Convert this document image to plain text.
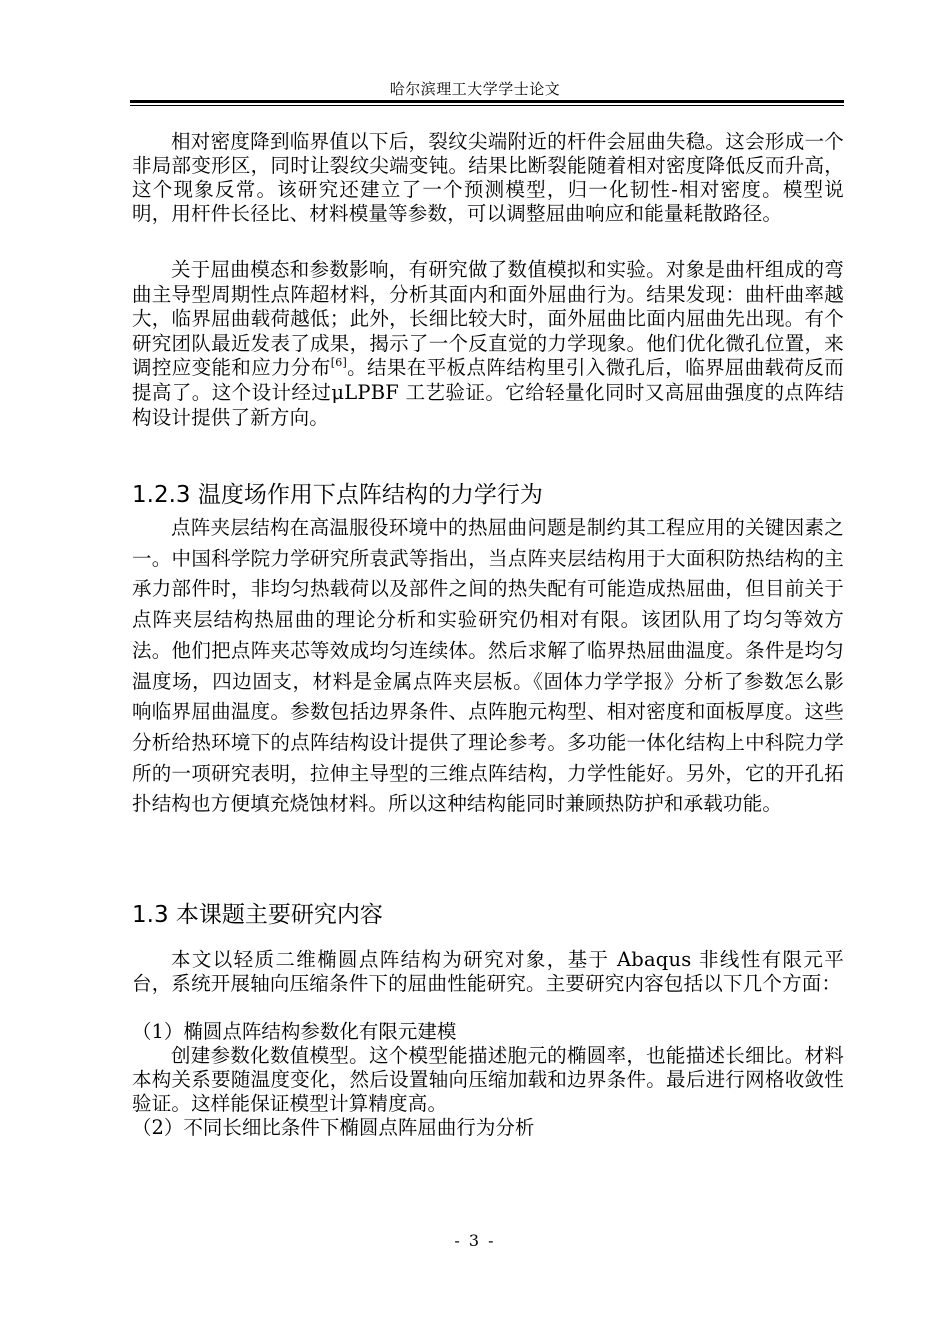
哈尔滨理工大学学士论文

相对密度降到临界值以下后，裂纹尖端附近的杆件会屈曲失稳。这会形成一个非局部变形区，同时让裂纹尖端变钝。结果比断裂能随着相对密度降低反而升高，这个现象反常。该研究还建立了一个预测模型，归一化韧性-相对密度。模型说明，用杆件长径比、材料模量等参数，可以调整屈曲响应和能量耗散路径。

关于屈曲模态和参数影响，有研究做了数值模拟和实验。对象是曲杆组成的弯曲主导型周期性点阵超材料，分析其面内和面外屈曲行为。结果发现：曲杆曲率越大，临界屈曲载荷越低；此外，长细比较大时，面外屈曲比面内屈曲先出现。有个研究团队最近发表了成果，揭示了一个反直觉的力学现象。他们优化微孔位置，来调控应变能和应力分布[6]。结果在平板点阵结构里引入微孔后，临界屈曲载荷反而提高了。这个设计经过μLPBF 工艺验证。它给轻量化同时又高屈曲强度的点阵结构设计提供了新方向。

1.2.3 温度场作用下点阵结构的力学行为

点阵夹层结构在高温服役环境中的热屈曲问题是制约其工程应用的关键因素之一。中国科学院力学研究所袁武等指出，当点阵夹层结构用于大面积防热结构的主承力部件时，非均匀热载荷以及部件之间的热失配有可能造成热屈曲，但目前关于点阵夹层结构热屈曲的理论分析和实验研究仍相对有限。该团队用了均匀等效方法。他们把点阵夹芯等效成均匀连续体。然后求解了临界热屈曲温度。条件是均匀温度场，四边固支，材料是金属点阵夹层板。《固体力学学报》分析了参数怎么影响临界屈曲温度。参数包括边界条件、点阵胞元构型、相对密度和面板厚度。这些分析给热环境下的点阵结构设计提供了理论参考。多功能一体化结构上中科院力学所的一项研究表明，拉伸主导型的三维点阵结构，力学性能好。另外，它的开孔拓扑结构也方便填充烧蚀材料。所以这种结构能同时兼顾热防护和承载功能。

1.3 本课题主要研究内容

本文以轻质二维椭圆点阵结构为研究对象，基于 Abaqus 非线性有限元平台，系统开展轴向压缩条件下的屈曲性能研究。主要研究内容包括以下几个方面：

（1）椭圆点阵结构参数化有限元建模

创建参数化数值模型。这个模型能描述胞元的椭圆率，也能描述长细比。材料本构关系要随温度变化，然后设置轴向压缩加载和边界条件。最后进行网格收敛性验证。这样能保证模型计算精度高。

（2）不同长细比条件下椭圆点阵屈曲行为分析
- 3 -
